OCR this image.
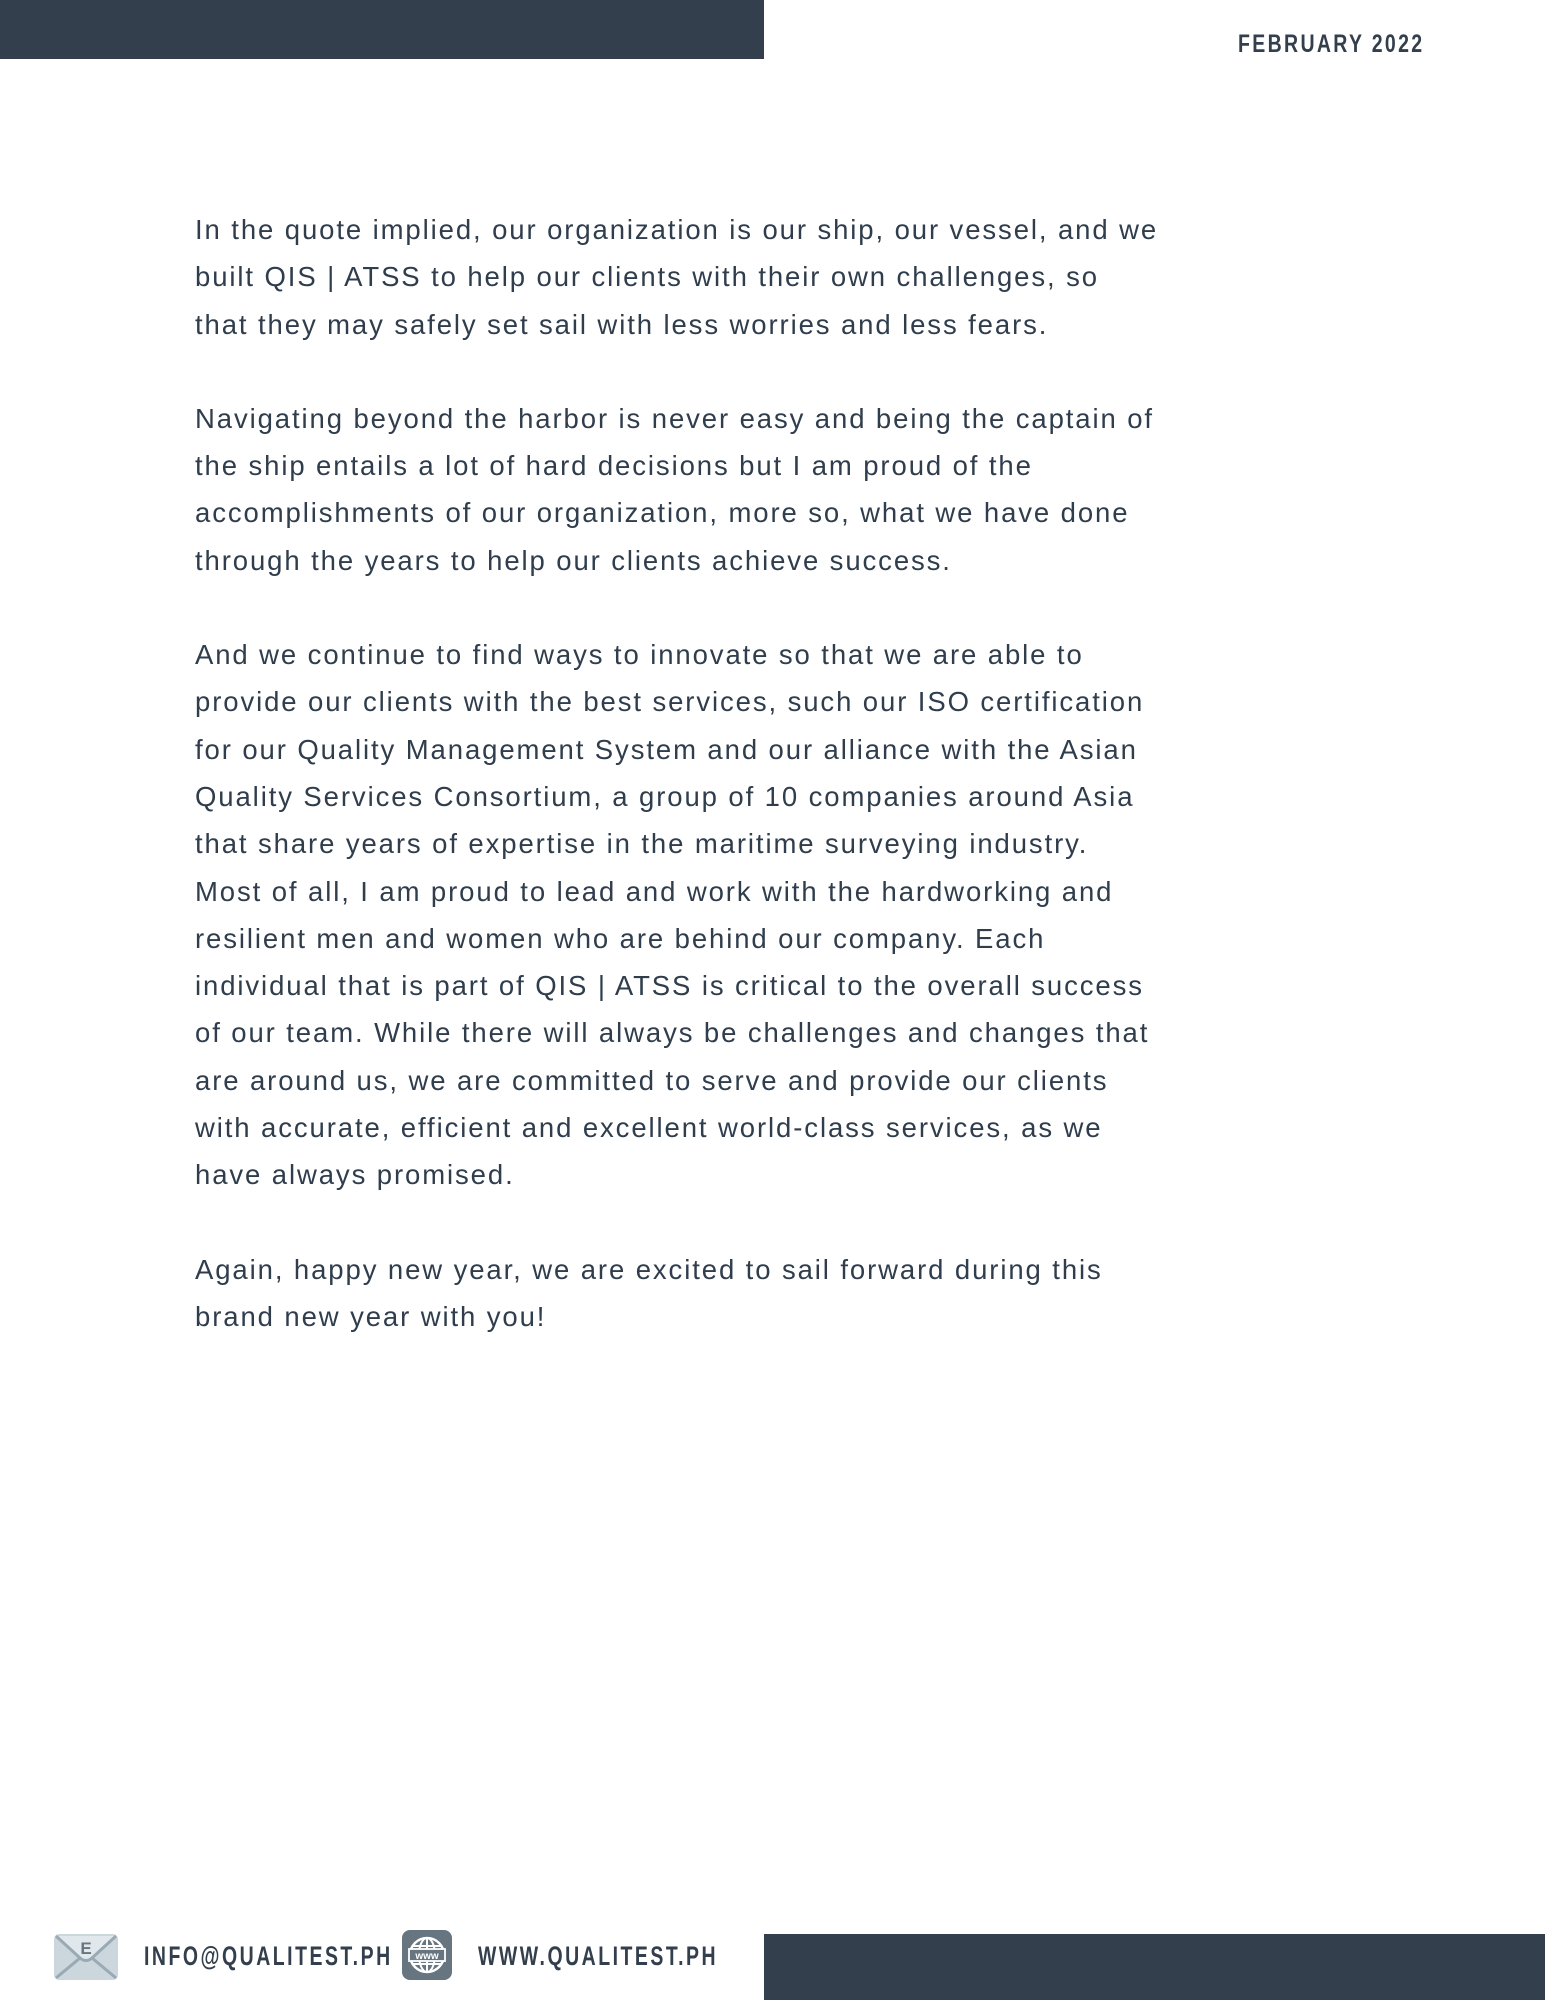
FEBRUARY 2022
In the quote implied, our organization is our ship, our vessel, and we
built QIS | ATSS to help our clients with their own challenges, so
that they may safely set sail with less worries and less fears.
Navigating beyond the harbor is never easy and being the captain of
the ship entails a lot of hard decisions but I am proud of the
accomplishments of our organization, more so, what we have done
through the years to help our clients achieve success.
And we continue to find ways to innovate so that we are able to
provide our clients with the best services, such our ISO certification
for our Quality Management System and our alliance with the Asian
Quality Services Consortium, a group of 10 companies around Asia
that share years of expertise in the maritime surveying industry.
Most of all, I am proud to lead and work with the hardworking and
resilient men and women who are behind our company. Each
individual that is part of QIS | ATSS is critical to the overall success
of our team. While there will always be challenges and changes that
are around us, we are committed to serve and provide our clients
with accurate, efficient and excellent world-class services, as we
have always promised.
Again, happy new year, we are excited to sail forward during this
brand new year with you!
E INFO@QUALITEST.PH www WWW.QUALITEST.PH
